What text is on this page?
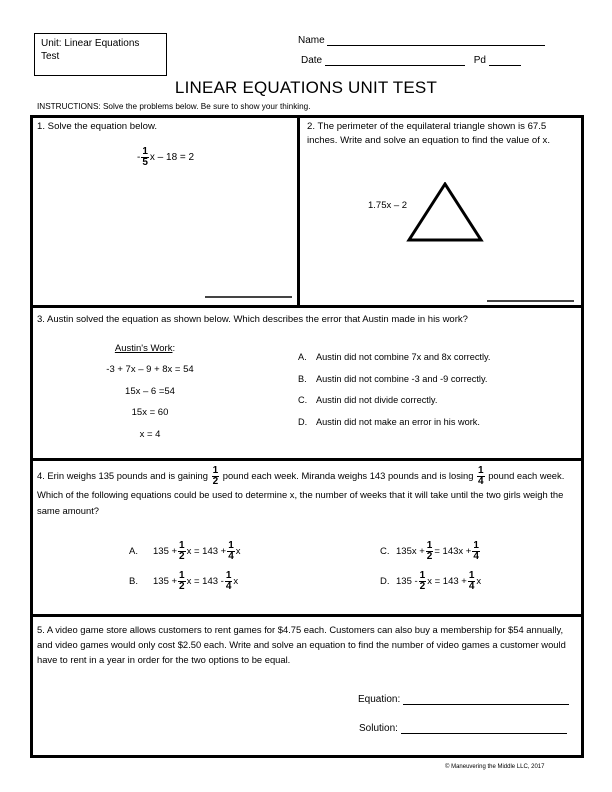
Unit: Linear Equations Test
Name
Date	Pd
LINEAR EQUATIONS UNIT TEST
INSTRUCTIONS: Solve the problems below. Be sure to show your thinking.
1. Solve the equation below.
- $\frac{1}{5}$ x – 18 = 2
2. The perimeter of the equilateral triangle shown is 67.5 inches. Write and solve an equation to find the value of x.
1.75x – 2
3. Austin solved the equation as shown below. Which describes the error that Austin made in his work?
Austin's Work:
-3 + 7x – 9 + 8x = 54
15x – 6 =54
15x = 60
x = 4
A.	Austin did not combine 7x and 8x correctly.
B.	Austin did not combine -3 and -9 correctly.
C. Austin did not divide correctly.
D. Austin did not make an error in his work.
4. Erin weighs 135 pounds and is gaining $\frac{1}{2}$ pound each week. Miranda weighs 143 pounds and is losing $\frac{1}{4}$ pound each week. Which of the following equations could be used to determine x, the number of weeks that it will take until the two girls weigh the same amount?
A.	$135 + \frac{1}{2}$ $x = 143 + \frac{1}{4}$ x
B.	$135 + \frac{1}{2}$ $x = 143 - \frac{1}{4}$ x
C. $135x + \frac{1}{2} = 143x + \frac{1}{4}$
D. $135 - \frac{1}{2}$ $x = 143 + \frac{1}{4}$ x
5. A video game store allows customers to rent games for $4.75 each. Customers can also buy a membership for $54 annually, and video games would only cost $2.50 each. Write and solve an equation to find the number of video games a customer would have to rent in a year in order for the two options to be equal.
Equation:
Solution:
© Maneuvering the Middle LLC, 2017
